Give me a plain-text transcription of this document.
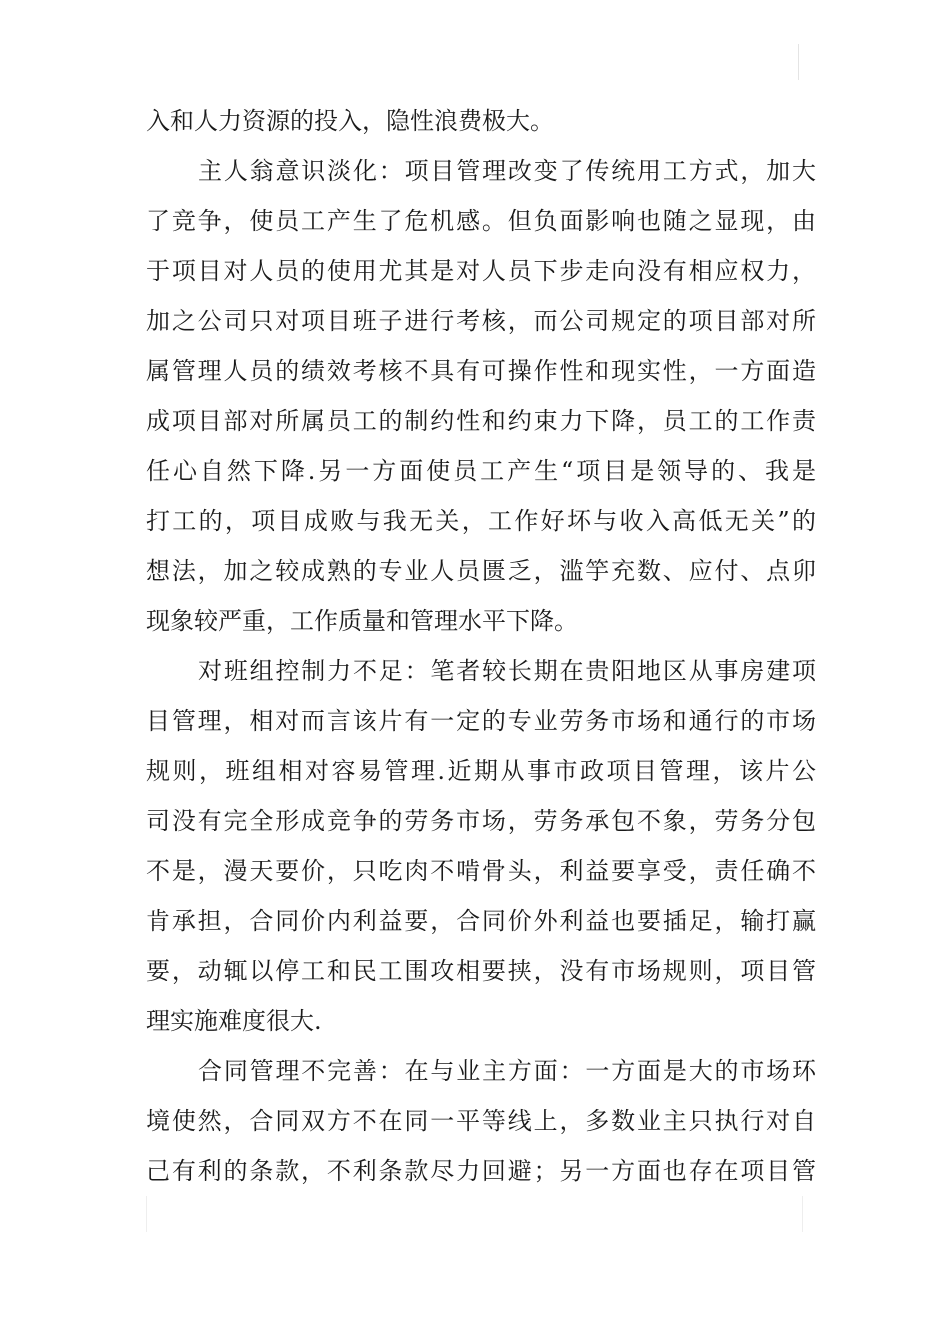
入和人力资源的投入，隐性浪费极大。
主人翁意识淡化：项目管理改变了传统用工方式，加大
了竞争，使员工产生了危机感。但负面影响也随之显现，由
于项目对人员的使用尤其是对人员下步走向没有相应权力，
加之公司只对项目班子进行考核，而公司规定的项目部对所
属管理人员的绩效考核不具有可操作性和现实性，一方面造
成项目部对所属员工的制约性和约束力下降，员工的工作责
任心自然下降.另一方面使员工产生“项目是领导的、我是
打工的，项目成败与我无关，工作好坏与收入高低无关”的
想法，加之较成熟的专业人员匮乏，滥竽充数、应付、点卯
现象较严重，工作质量和管理水平下降。
对班组控制力不足：笔者较长期在贵阳地区从事房建项
目管理，相对而言该片有一定的专业劳务市场和通行的市场
规则，班组相对容易管理.近期从事市政项目管理，该片公
司没有完全形成竞争的劳务市场，劳务承包不象，劳务分包
不是，漫天要价，只吃肉不啃骨头，利益要享受，责任确不
肯承担，合同价内利益要，合同价外利益也要插足，输打赢
要，动辄以停工和民工围攻相要挟，没有市场规则，项目管
理实施难度很大.
合同管理不完善：在与业主方面：一方面是大的市场环
境使然，合同双方不在同一平等线上，多数业主只执行对自
己有利的条款，不利条款尽力回避；另一方面也存在项目管
